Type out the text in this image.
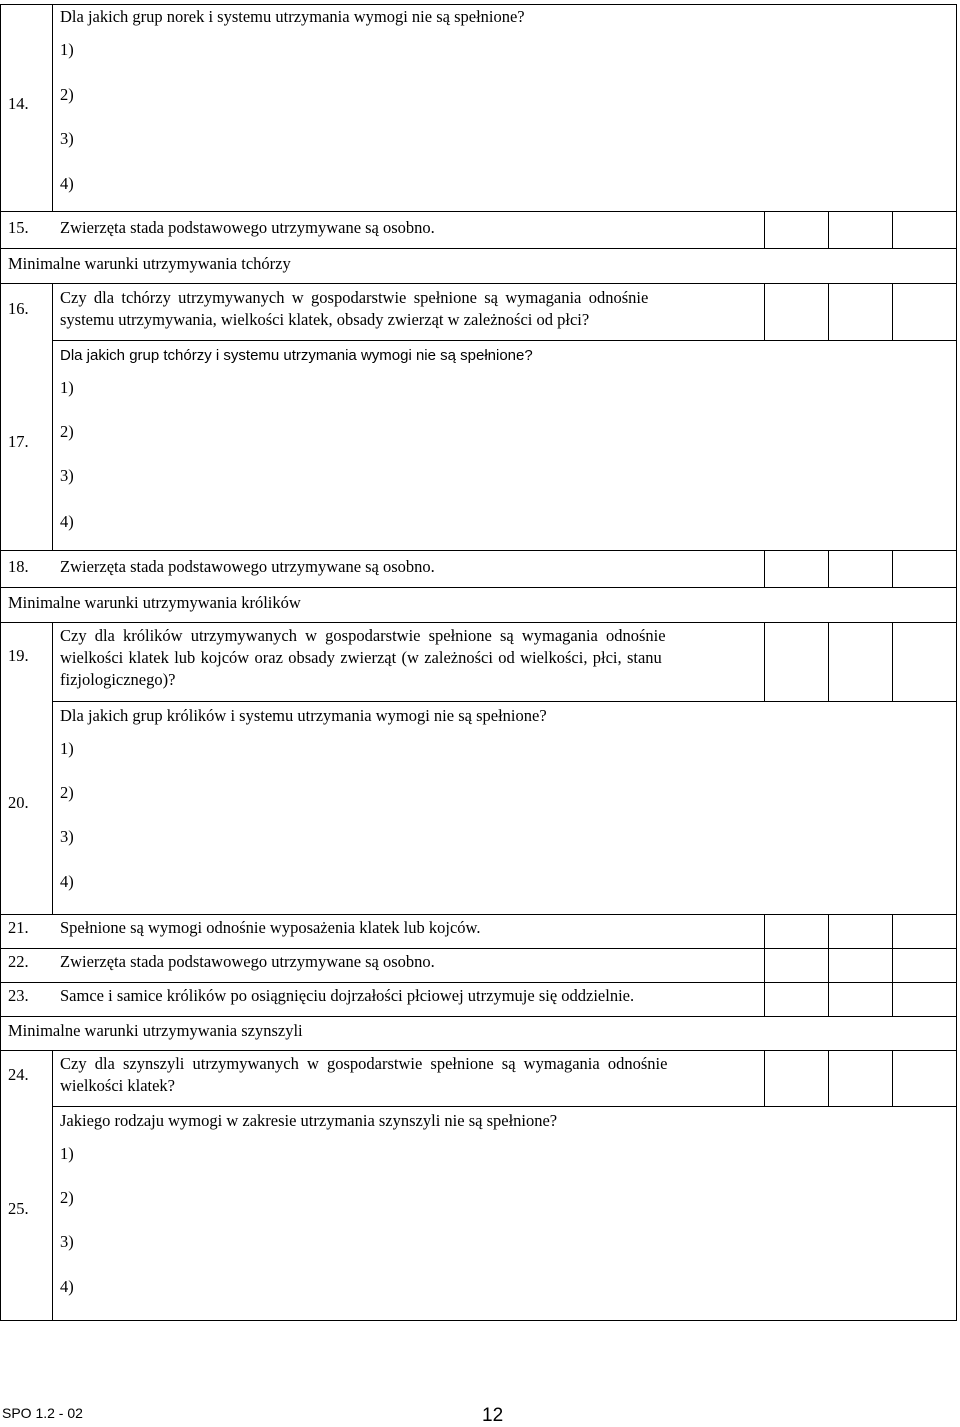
Dla jakich grup norek i systemu utrzymania wymogi nie są spełnione?
1)
2)
3)
4)
14.
15. Zwierzęta stada podstawowego utrzymywane są osobno.
Minimalne warunki utrzymywania tchórzy
16.
Czy dla tchórzy utrzymywanych w gospodarstwie spełnione są wymagania odnośnie
systemu utrzymywania, wielkości klatek, obsady zwierząt w zależności od płci?
Dla jakich grup tchórzy i systemu utrzymania wymogi nie są spełnione?
1)
2)
3)
4)
17.
18. Zwierzęta stada podstawowego utrzymywane są osobno.
Minimalne warunki utrzymywania królików
19.
Czy dla królików utrzymywanych w gospodarstwie spełnione są wymagania odnośnie
wielkości klatek lub kojców oraz obsady zwierząt (w zależności od wielkości, płci, stanu
fizjologicznego)?
Dla jakich grup królików i systemu utrzymania wymogi nie są spełnione?
1)
2)
3)
4)
20.
21. Spełnione są wymogi odnośnie wyposażenia klatek lub kojców.
22. Zwierzęta stada podstawowego utrzymywane są osobno.
23. Samce i samice królików po osiągnięciu dojrzałości płciowej utrzymuje się oddzielnie.
Minimalne warunki utrzymywania szynszyli
24.
Czy dla szynszyli utrzymywanych w gospodarstwie spełnione są wymagania odnośnie
wielkości klatek?
Jakiego rodzaju wymogi w zakresie utrzymania szynszyli nie są spełnione?
1)
2)
3)
4)
25.
SPO 1.2 - 02	12
